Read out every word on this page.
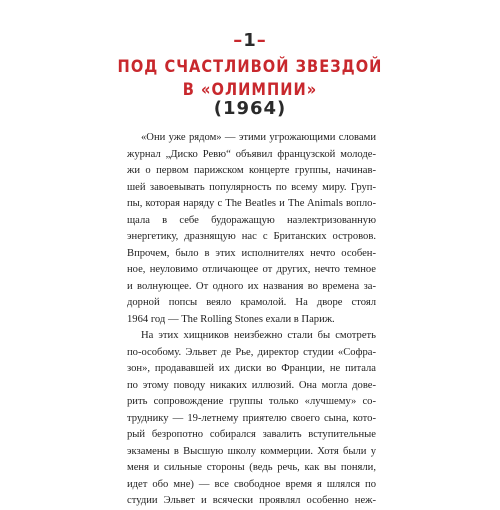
–1–
ПОД СЧАСТЛИВОЙ ЗВЕЗДОЙ
В «ОЛИМПИИ»
(1964)
«Они уже рядом» — этими угрожающими словами
журнал „Диско Ревю“ объявил французской молоде-
жи о первом парижском концерте группы, начинав-
шей завоевывать популярность по всему миру. Груп-
пы, которая наряду с The Beatles и The Animals вопло-
щала в себе будоражащую наэлектризованную
энергетику, дразнящую нас с Британских островов.
Впрочем, было в этих исполнителях нечто особен-
ное, неуловимо отличающее от других, нечто темное
и волнующее. От одного их названия во времена за-
дорной попсы веяло крамолой. На дворе стоял
1964 год — The Rolling Stones ехали в Париж.
На этих хищников неизбежно стали бы смотреть
по-особому. Эльвет де Рье, директор студии «Софра-
зон», продававшей их диски во Франции, не питала
по этому поводу никаких иллюзий. Она могла дове-
рить сопровождение группы только «лучшему» со-
труднику — 19-летнему приятелю своего сына, кото-
рый безропотно собирался завалить вступительные
экзамены в Высшую школу коммерции. Хотя были у
меня и сильные стороны (ведь речь, как вы поняли,
идет обо мне) — все свободное время я шлялся по
студии Эльвет и всячески проявлял особенно неж-
